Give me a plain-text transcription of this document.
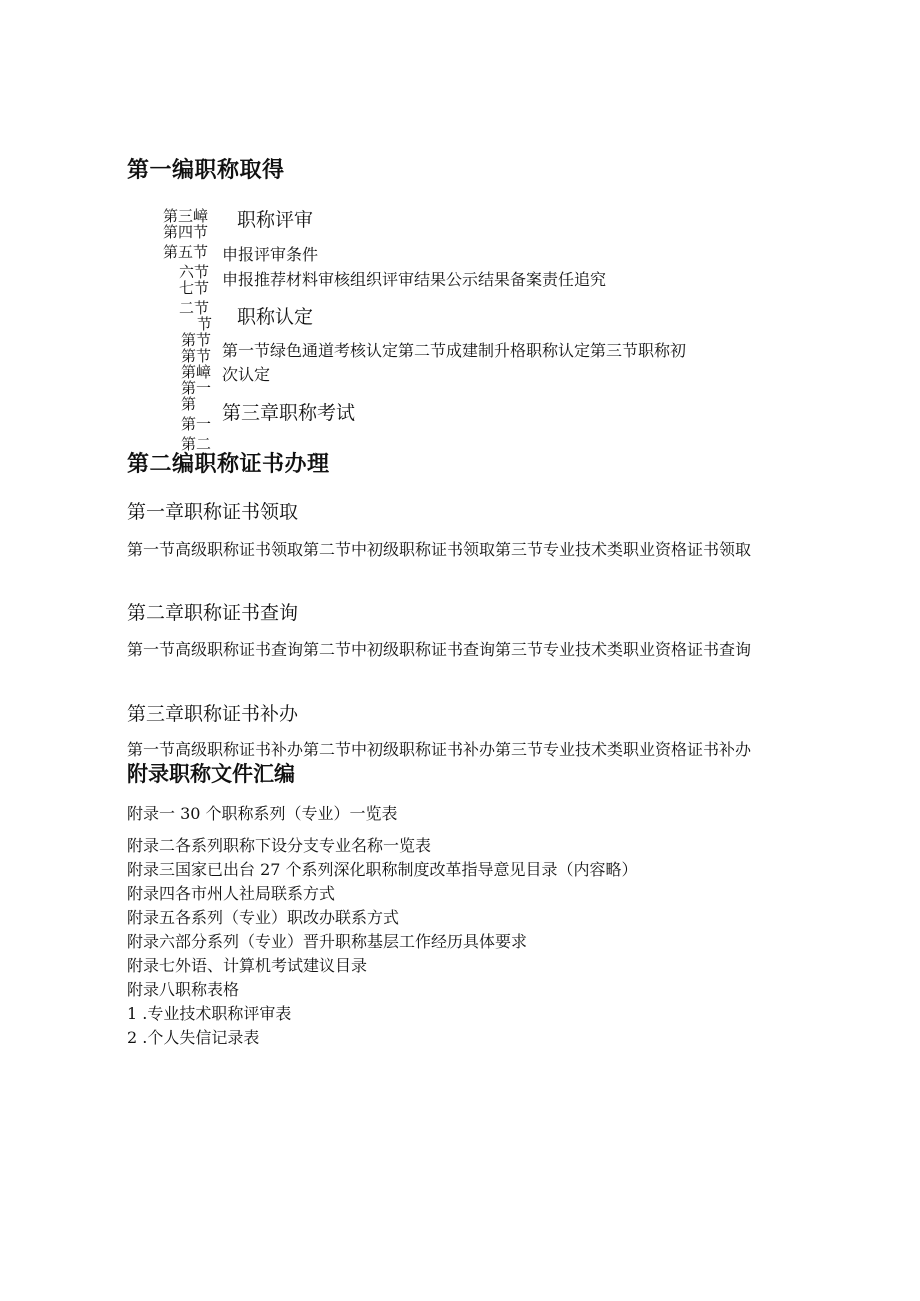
第一编职称取得
第三嶂
第四节
第五节
六节
七节
二节
节
第节
第节
第嶂
第一
第
第一
第二
职称评审
申报评审条件
申报推荐材料审核组织评审结果公示结果备案责任追究
职称认定
第一节绿色通道考核认定第二节成建制升格职称认定第三节职称初
次认定
第三章职称考试
第二编职称证书办理
第一章职称证书领取
第一节高级职称证书领取第二节中初级职称证书领取第三节专业技术类职业资格证书领取
第二章职称证书查询
第一节高级职称证书查询第二节中初级职称证书查询第三节专业技术类职业资格证书查询
第三章职称证书补办
第一节高级职称证书补办第二节中初级职称证书补办第三节专业技术类职业资格证书补办附录职称文件汇编
附录一 30 个职称系列（专业）一览表
附录二各系列职称下设分支专业名称一览表
附录三国家已出台 27 个系列深化职称制度改革指导意见目录（内容略）
附录四各市州人社局联系方式
附录五各系列（专业）职改办联系方式
附录六部分系列（专业）晋升职称基层工作经历具体要求
附录七外语、计算机考试建议目录
附录八职称表格
1 .专业技术职称评审表
2 .个人失信记录表
